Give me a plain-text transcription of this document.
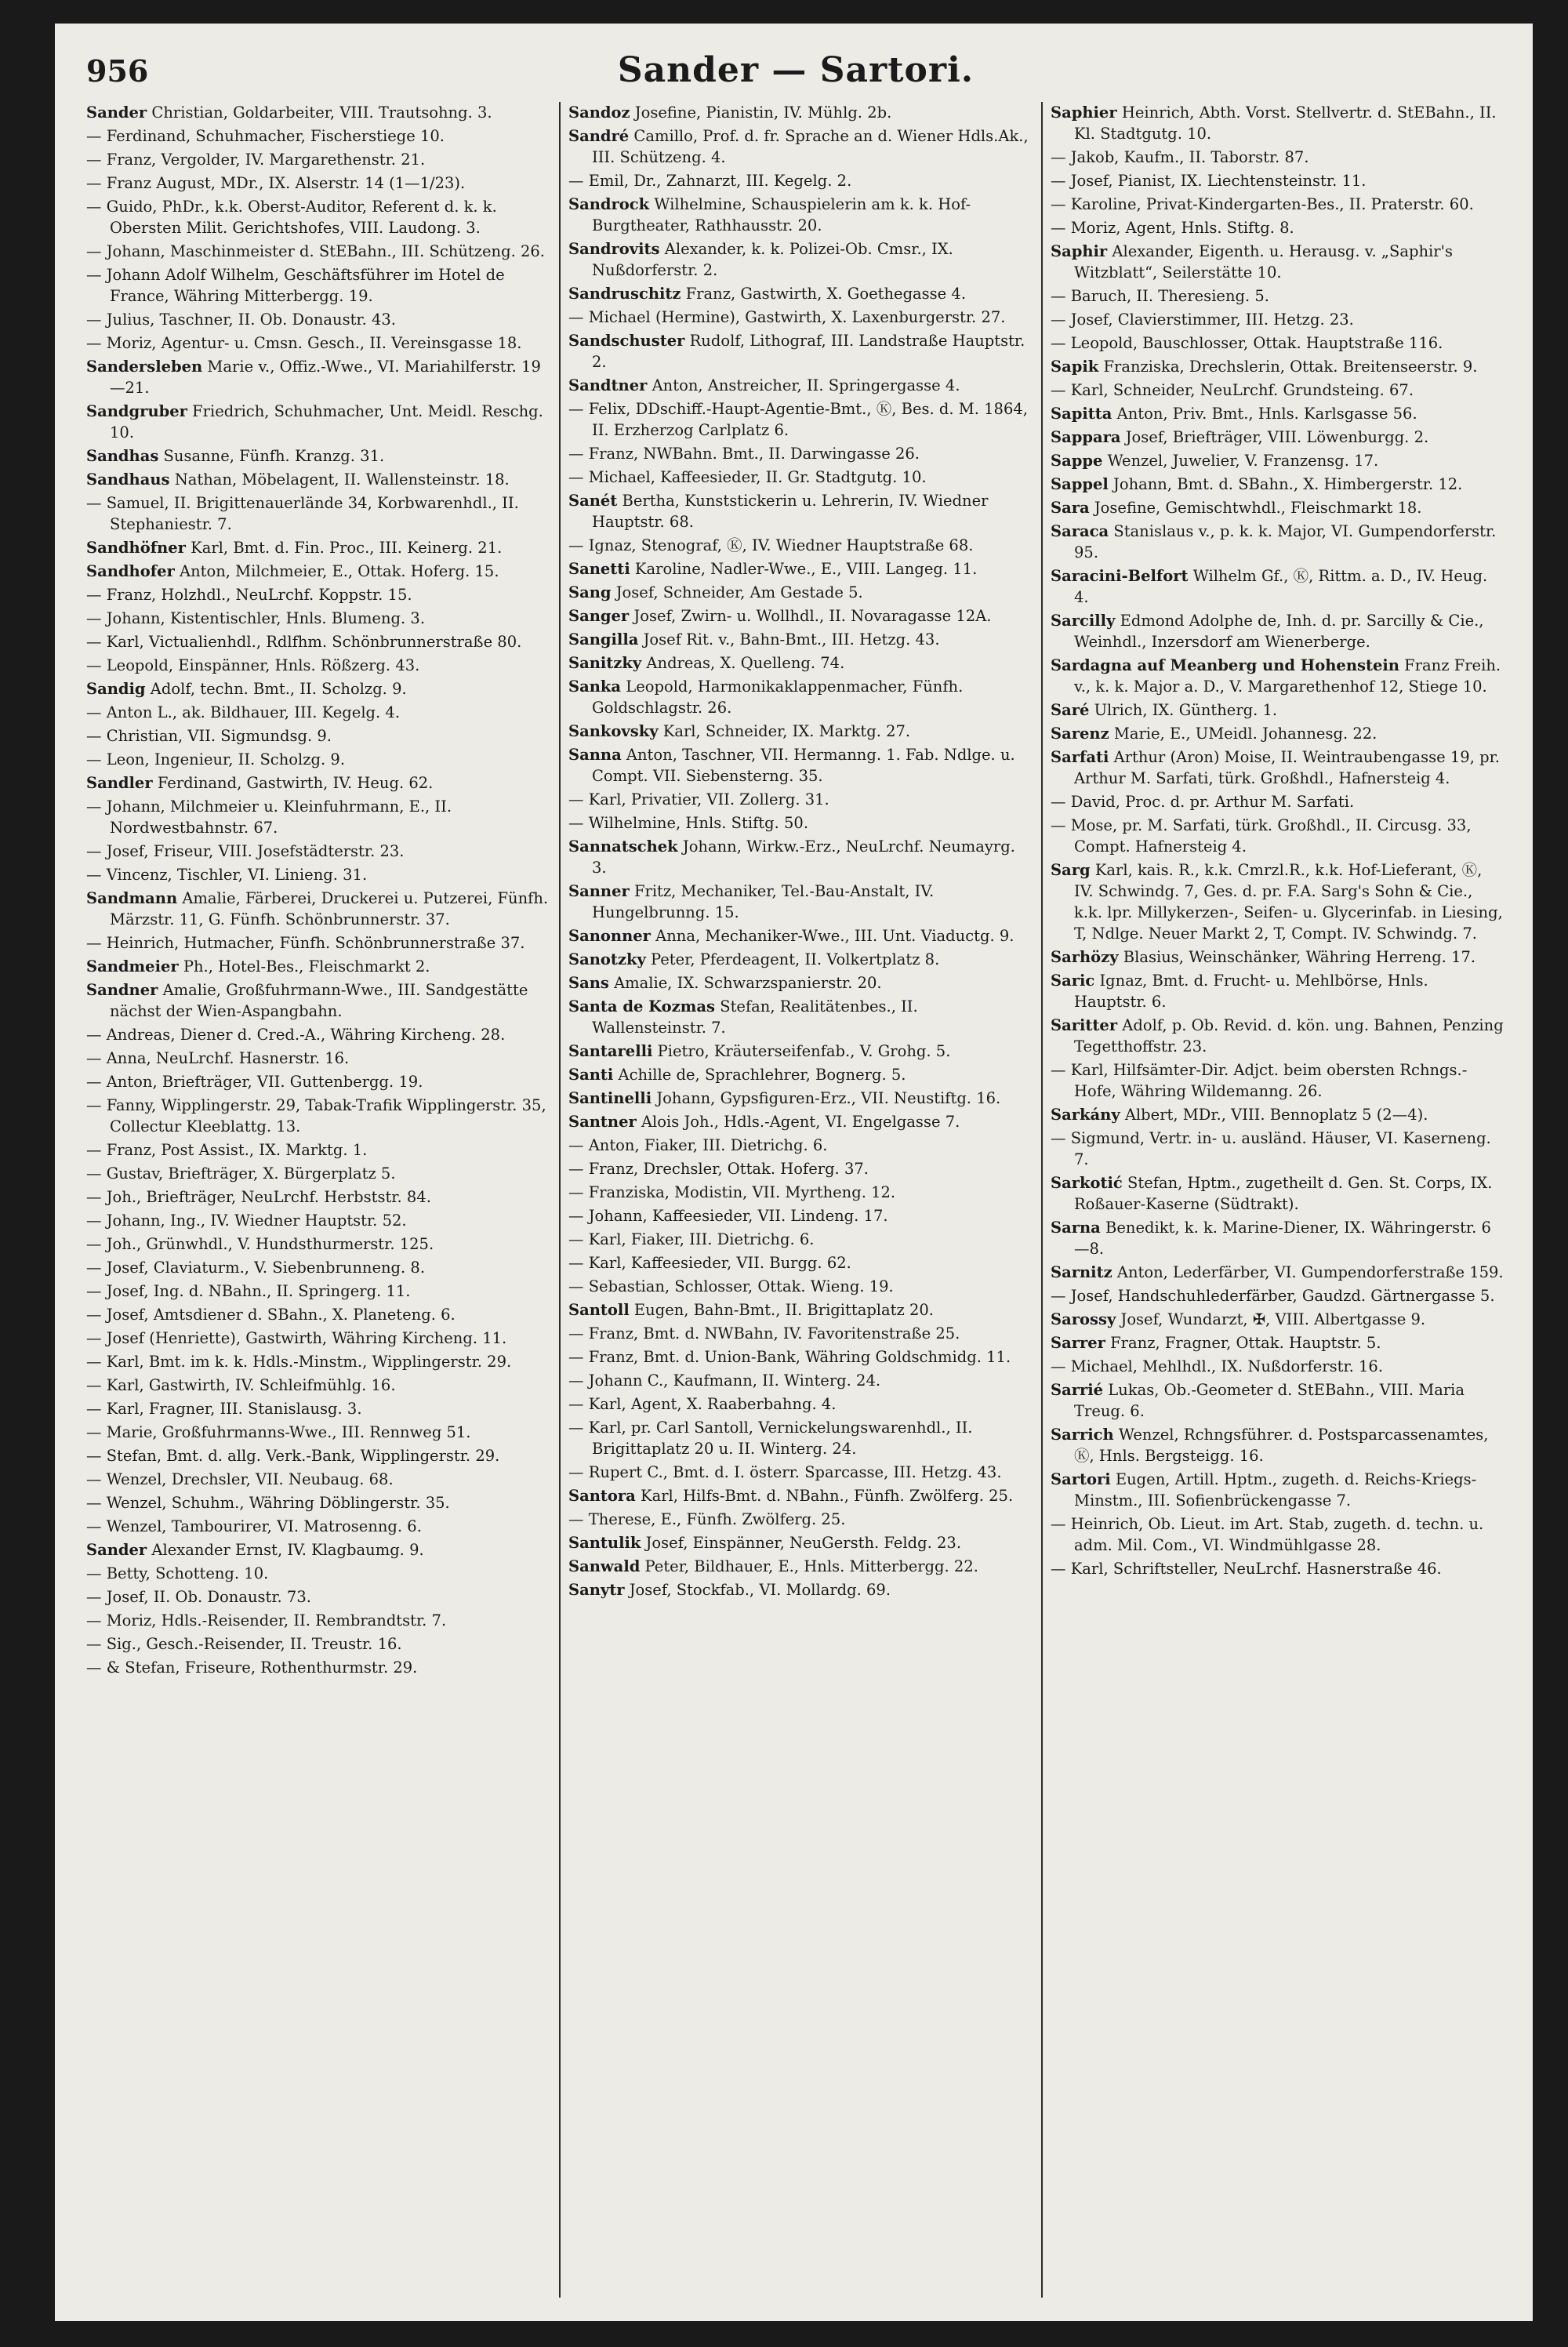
956	Sander — Sartori.
Sander Christian, Goldarbeiter, VIII. Trautsohng. 3.
— Ferdinand, Schuhmacher, Fischerstiege 10.
— Franz, Vergolder, IV. Margarethenstr. 21.
— Franz August, MDr., IX. Alserstr. 14 (1—1/23).
— Guido, PhDr., k.k. Oberst-Auditor, Referent d. k. k. Obersten Milit. Gerichtshofes, VIII. Laudong. 3.
— Johann, Maschinmeister d. StEBahn., III. Schützeng. 26.
— Johann Adolf Wilhelm, Geschäftsführer im Hotel de France, Währing Mitterbergg. 19.
— Julius, Taschner, II. Ob. Donaustr. 43.
— Moriz, Agentur- u. Cmsn. Gesch., II. Vereinsgasse 18.
Sandersleben Marie v., Offiz.-Wwe., VI. Mariahilferstr. 19—21.
Sandgruber Friedrich, Schuhmacher, Unt. Meidl. Reschg. 10.
Sandhas Susanne, Fünfh. Kranzg. 31.
Sandhaus Nathan, Möbelagent, II. Wallensteinstr. 18.
— Samuel, II. Brigittenauerlände 34, Korbwarenhdl., II. Stephaniestr. 7.
Sandhöfner Karl, Bmt. d. Fin. Proc., III. Keinerg. 21.
Sandhofer Anton, Milchmeier, E., Ottak. Hoferg. 15.
— Franz, Holzhdl., NeuLrchf. Koppstr. 15.
— Johann, Kistentischler, Hnls. Blumeng. 3.
— Karl, Victualienhdl., Rdlfhm. Schönbrunnerstraße 80.
— Leopold, Einspänner, Hnls. Rößzerg. 43.
Sandig Adolf, techn. Bmt., II. Scholzg. 9.
— Anton L., ak. Bildhauer, III. Kegelg. 4.
— Christian, VII. Sigmundsg. 9.
— Leon, Ingenieur, II. Scholzg. 9.
Sandler Ferdinand, Gastwirth, IV. Heug. 62.
— Johann, Milchmeier u. Kleinfuhrmann, E., II. Nordwestbahnstr. 67.
— Josef, Friseur, VIII. Josefstädterstr. 23.
— Vincenz, Tischler, VI. Linieng. 31.
Sandmann Amalie, Färberei, Druckerei u. Putzerei, Fünfh. Märzstr. 11, G. Fünfh. Schönbrunnerstr. 37.
— Heinrich, Hutmacher, Fünfh. Schönbrunnerstraße 37.
Sandmeier Ph., Hotel-Bes., Fleischmarkt 2.
Sandner Amalie, Großfuhrmann-Wwe., III. Sandgestätte nächst der Wien-Aspangbahn.
— Andreas, Diener d. Cred.-A., Währing Kircheng. 28.
— Anna, NeuLrchf. Hasnerstr. 16.
— Anton, Briefträger, VII. Guttenbergg. 19.
— Fanny, Wipplingerstr. 29, Tabak-Trafik Wipplingerstr. 35, Collectur Kleeblattg. 13.
— Franz, Post Assist., IX. Marktg. 1.
— Gustav, Briefträger, X. Bürgerplatz 5.
— Joh., Briefträger, NeuLrchf. Herbststr. 84.
— Johann, Ing., IV. Wiedner Hauptstr. 52.
— Joh., Grünwhdl., V. Hundsthurmerstr. 125.
— Josef, Claviaturm., V. Siebenbrunneng. 8.
— Josef, Ing. d. NBahn., II. Springerg. 11.
— Josef, Amtsdiener d. SBahn., X. Planeteng. 6.
— Josef (Henriette), Gastwirth, Währing Kircheng. 11.
— Karl, Bmt. im k. k. Hdls.-Minstm., Wipplingerstr. 29.
— Karl, Gastwirth, IV. Schleifmühlg. 16.
— Karl, Fragner, III. Stanislausg. 3.
— Marie, Großfuhrmanns-Wwe., III. Rennweg 51.
— Stefan, Bmt. d. allg. Verk.-Bank, Wipplingerstr. 29.
— Wenzel, Drechsler, VII. Neubaug. 68.
— Wenzel, Schuhm., Währing Döblingerstr. 35.
— Wenzel, Tambourirer, VI. Matrosenng. 6.
Sander Alexander Ernst, IV. Klagbaumg. 9.
— Betty, Schotteng. 10.
— Josef, II. Ob. Donaustr. 73.
— Moriz, Hdls.-Reisender, II. Rembrandtstr. 7.
— Sig., Gesch.-Reisender, II. Treustr. 16.
— & Stefan, Friseure, Rothenthurmstr. 29.
Sandoz Josefine, Pianistin, IV. Mühlg. 2b.
Sandré Camillo, Prof. d. fr. Sprache an d. Wiener Hdls.Ak., III. Schützeng. 4.
— Emil, Dr., Zahnarzt, III. Kegelg. 2.
Sandrock Wilhelmine, Schauspielerin am k. k. Hof-Burgtheater, Rathhausstr. 20.
Sandrovits Alexander, k. k. Polizei-Ob. Cmsr., IX. Nußdorferstr. 2.
Sandruschitz Franz, Gastwirth, X. Goethegasse 4.
— Michael (Hermine), Gastwirth, X. Laxenburgerstr. 27.
Sandschuster Rudolf, Lithograf, III. Landstraße Hauptstr. 2.
Sandtner Anton, Anstreicher, II. Springergasse 4.
— Felix, DDschiff.-Haupt-Agentie-Bmt., Ⓚ, Bes. d. M. 1864, II. Erzherzog Carlplatz 6.
— Franz, NWBahn. Bmt., II. Darwingasse 26.
— Michael, Kaffeesieder, II. Gr. Stadtgutg. 10.
Sanét Bertha, Kunststickerin u. Lehrerin, IV. Wiedner Hauptstr. 68.
— Ignaz, Stenograf, Ⓚ, IV. Wiedner Hauptstraße 68.
Sanetti Karoline, Nadler-Wwe., E., VIII. Langeg. 11.
Sang Josef, Schneider, Am Gestade 5.
Sanger Josef, Zwirn- u. Wollhdl., II. Novaragasse 12A.
Sangilla Josef Rit. v., Bahn-Bmt., III. Hetzg. 43.
Sanitzky Andreas, X. Quelleng. 74.
Sanka Leopold, Harmonikaklappenmacher, Fünfh. Goldschlagstr. 26.
Sankovsky Karl, Schneider, IX. Marktg. 27.
Sanna Anton, Taschner, VII. Hermanng. 1. Fab. Ndlge. u. Compt. VII. Siebensterng. 35.
— Karl, Privatier, VII. Zollerg. 31.
— Wilhelmine, Hnls. Stiftg. 50.
Sannatschek Johann, Wirkw.-Erz., NeuLrchf. Neumayrg. 3.
Sanner Fritz, Mechaniker, Tel.-Bau-Anstalt, IV. Hungelbrunng. 15.
Sanonner Anna, Mechaniker-Wwe., III. Unt. Viaductg. 9.
Sanotzky Peter, Pferdeagent, II. Volkertplatz 8.
Sans Amalie, IX. Schwarzspanierstr. 20.
Santa de Kozmas Stefan, Realitätenbes., II. Wallensteinstr. 7.
Santarelli Pietro, Kräuterseifenfab., V. Grohg. 5.
Santi Achille de, Sprachlehrer, Bognerg. 5.
Santinelli Johann, Gypsfiguren-Erz., VII. Neustiftg. 16.
Santner Alois Joh., Hdls.-Agent, VI. Engelgasse 7.
— Anton, Fiaker, III. Dietrichg. 6.
— Franz, Drechsler, Ottak. Hoferg. 37.
— Franziska, Modistin, VII. Myrtheng. 12.
— Johann, Kaffeesieder, VII. Lindeng. 17.
— Karl, Fiaker, III. Dietrichg. 6.
— Karl, Kaffeesieder, VII. Burgg. 62.
— Sebastian, Schlosser, Ottak. Wieng. 19.
Santoll Eugen, Bahn-Bmt., II. Brigittaplatz 20.
— Franz, Bmt. d. NWBahn, IV. Favoritenstraße 25.
— Franz, Bmt. d. Union-Bank, Währing Goldschmidg. 11.
— Johann C., Kaufmann, II. Winterg. 24.
— Karl, Agent, X. Raaberbahng. 4.
— Karl, pr. Carl Santoll, Vernickelungswarenhdl., II. Brigittaplatz 20 u. II. Winterg. 24.
— Rupert C., Bmt. d. I. österr. Sparcasse, III. Hetzg. 43.
Santora Karl, Hilfs-Bmt. d. NBahn., Fünfh. Zwölferg. 25.
— Therese, E., Fünfh. Zwölferg. 25.
Santulik Josef, Einspänner, NeuGersth. Feldg. 23.
Sanwald Peter, Bildhauer, E., Hnls. Mitterbergg. 22.
Sanytr Josef, Stockfab., VI. Mollardg. 69.
Saphier Heinrich, Abth. Vorst. Stellvertr. d. StEBahn., II. Kl. Stadtgutg. 10.
— Jakob, Kaufm., II. Taborstr. 87.
— Josef, Pianist, IX. Liechtensteinstr. 11.
— Karoline, Privat-Kindergarten-Bes., II. Praterstr. 60.
— Moriz, Agent, Hnls. Stiftg. 8.
Saphir Alexander, Eigenth. u. Herausg. v. „Saphir's Witzblatt“, Seilerstätte 10.
— Baruch, II. Theresieng. 5.
— Josef, Clavierstimmer, III. Hetzg. 23.
— Leopold, Bauschlosser, Ottak. Hauptstraße 116.
Sapik Franziska, Drechslerin, Ottak. Breitenseerstr. 9.
— Karl, Schneider, NeuLrchf. Grundsteing. 67.
Sapitta Anton, Priv. Bmt., Hnls. Karlsgasse 56.
Sappara Josef, Briefträger, VIII. Löwenburgg. 2.
Sappe Wenzel, Juwelier, V. Franzensg. 17.
Sappel Johann, Bmt. d. SBahn., X. Himbergerstr. 12.
Sara Josefine, Gemischtwhdl., Fleischmarkt 18.
Saraca Stanislaus v., p. k. k. Major, VI. Gumpendorferstr. 95.
Saracini-Belfort Wilhelm Gf., Ⓚ, Rittm. a. D., IV. Heug. 4.
Sarcilly Edmond Adolphe de, Inh. d. pr. Sarcilly & Cie., Weinhdl., Inzersdorf am Wienerberge.
Sardagna auf Meanberg und Hohenstein Franz Freih. v., k. k. Major a. D., V. Margarethenhof 12, Stiege 10.
Saré Ulrich, IX. Güntherg. 1.
Sarenz Marie, E., UMeidl. Johannesg. 22.
Sarfati Arthur (Aron) Moise, II. Weintraubengasse 19, pr. Arthur M. Sarfati, türk. Großhdl., Hafnersteig 4.
— David, Proc. d. pr. Arthur M. Sarfati.
— Mose, pr. M. Sarfati, türk. Großhdl., II. Circusg. 33, Compt. Hafnersteig 4.
Sarg Karl, kais. R., k.k. Cmrzl.R., k.k. Hof-Lieferant, Ⓚ, IV. Schwindg. 7, Ges. d. pr. F.A. Sarg's Sohn & Cie., k.k. lpr. Millykerzen-, Seifen- u. Glycerinfab. in Liesing, T, Ndlge. Neuer Markt 2, T, Compt. IV. Schwindg. 7.
Sarhözy Blasius, Weinschänker, Währing Herreng. 17.
Saric Ignaz, Bmt. d. Frucht- u. Mehlbörse, Hnls. Hauptstr. 6.
Saritter Adolf, p. Ob. Revid. d. kön. ung. Bahnen, Penzing Tegetthoffstr. 23.
— Karl, Hilfsämter-Dir. Adjct. beim obersten Rchngs.-Hofe, Währing Wildemanng. 26.
Sarkány Albert, MDr., VIII. Bennoplatz 5 (2—4).
— Sigmund, Vertr. in- u. ausländ. Häuser, VI. Kaserneng. 7.
Sarkotić Stefan, Hptm., zugetheilt d. Gen. St. Corps, IX. Roßauer-Kaserne (Südtrakt).
Sarna Benedikt, k. k. Marine-Diener, IX. Währingerstr. 6—8.
Sarnitz Anton, Lederfärber, VI. Gumpendorferstraße 159.
— Josef, Handschuhlederfärber, Gaudzd. Gärtnergasse 5.
Sarossy Josef, Wundarzt, ✠, VIII. Albertgasse 9.
Sarrer Franz, Fragner, Ottak. Hauptstr. 5.
— Michael, Mehlhdl., IX. Nußdorferstr. 16.
Sarrié Lukas, Ob.-Geometer d. StEBahn., VIII. Maria Treug. 6.
Sarrich Wenzel, Rchngsführer. d. Postsparcassenamtes, Ⓚ, Hnls. Bergsteigg. 16.
Sartori Eugen, Artill. Hptm., zugeth. d. Reichs-Kriegs-Minstm., III. Sofienbrückengasse 7.
— Heinrich, Ob. Lieut. im Art. Stab, zugeth. d. techn. u. adm. Mil. Com., VI. Windmühlgasse 28.
— Karl, Schriftsteller, NeuLrchf. Hasnerstraße 46.
